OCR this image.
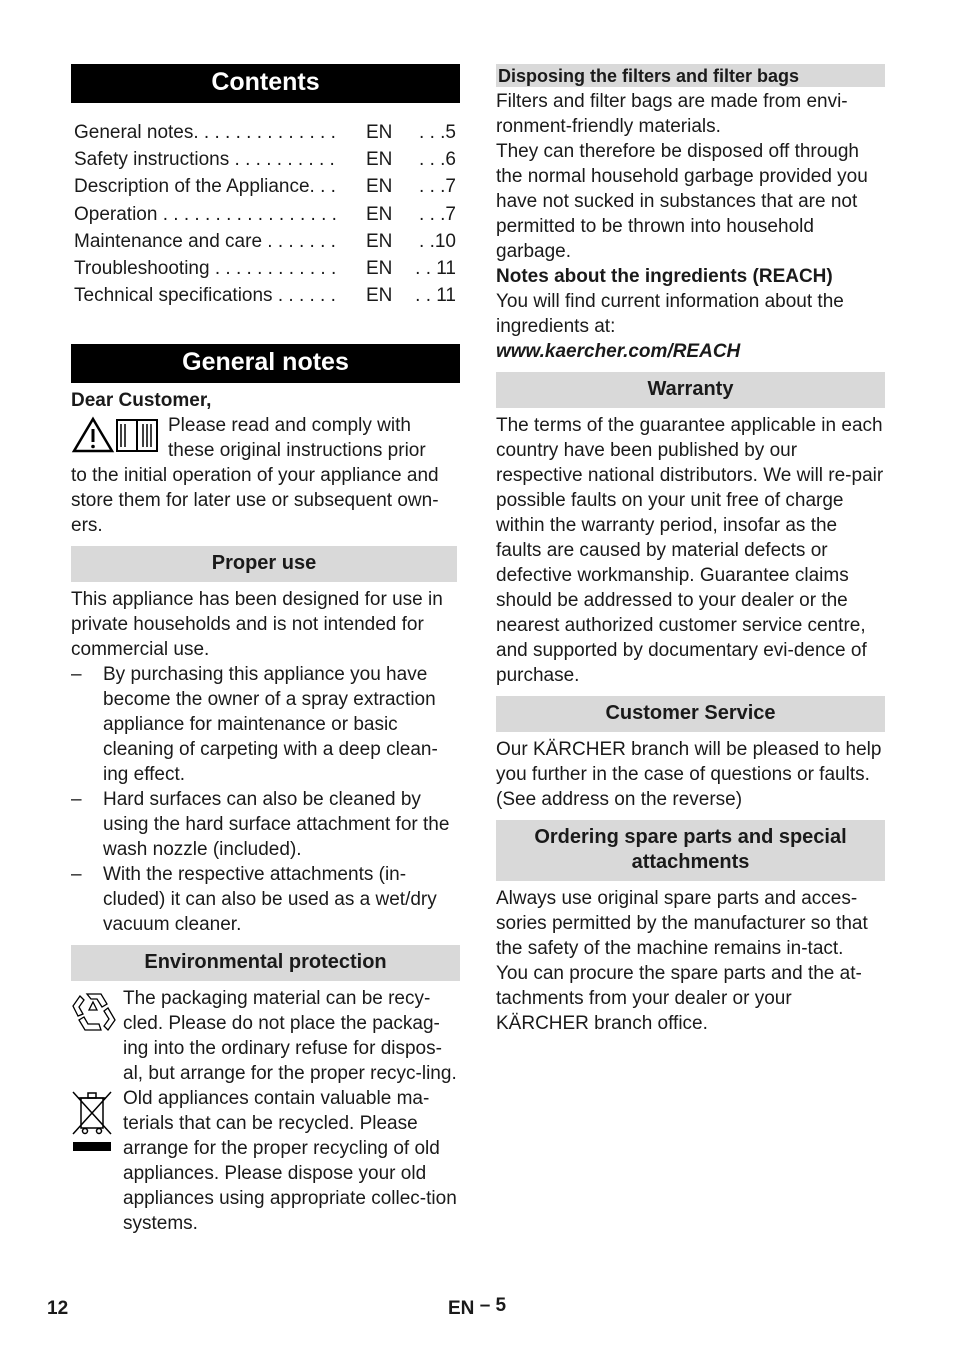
Contents
General notes. . . . . . . . . . . . . .	EN	. . .5
Safety instructions . . . . . . . . . .	EN	. . .6
Description of the Appliance. . .	EN	. . .7
Operation . . . . . . . . . . . . . . . . .	EN	. . .7
Maintenance and care . . . . . . .	EN	. .10
Troubleshooting . . . . . . . . . . . .	EN	. . 11
Technical specifications . . . . . .	EN	. . 11
General notes

Dear Customer,

Please read and comply with

these original instructions prior

to the initial operation of your appliance and store them for later use or subsequent own-ers.

Proper use

This appliance has been designed for use in private households and is not intended for commercial use.

– By purchasing this appliance you have become the owner of a spray extraction appliance for maintenance or basic cleaning of carpeting with a deep clean-ing effect.
– Hard surfaces can also be cleaned by using the hard surface attachment for the wash nozzle (included).
– With the respective attachments (in-cluded) it can also be used as a wet/dry vacuum cleaner.
Environmental protection

The packaging material can be recy-cled. Please do not place the packag-ing into the ordinary refuse for dispos-al, but arrange for the proper recyc-ling.

Old appliances contain valuable ma-terials that can be recycled. Please arrange for the proper recycling of old appliances. Please dispose your old appliances using appropriate collec-tion systems.

Disposing the filters and filter bags

Filters and filter bags are made from envi-ronment-friendly materials.

They can therefore be disposed off through the normal household garbage provided you have not sucked in substances that are not permitted to be thrown into household garbage.

Notes about the ingredients (REACH)

You will find current information about the ingredients at:

www.kaercher.com/REACH

Warranty

The terms of the guarantee applicable in each country have been published by our respective national distributors. We will re-pair possible faults on your unit free of charge within the warranty period, insofar as the faults are caused by material defects or defective workmanship. Guarantee claims should be addressed to your dealer or the nearest authorized customer service centre, and supported by documentary evi-dence of purchase.

Customer Service

Our KÄRCHER branch will be pleased to help you further in the case of questions or faults.

(See address on the reverse)

Ordering spare parts and special attachments

Always use original spare parts and acces-sories permitted by the manufacturer so that the safety of the machine remains in-tact.

You can procure the spare parts and the at-tachments from your dealer or your KÄRCHER branch office.

12	EN – 5
